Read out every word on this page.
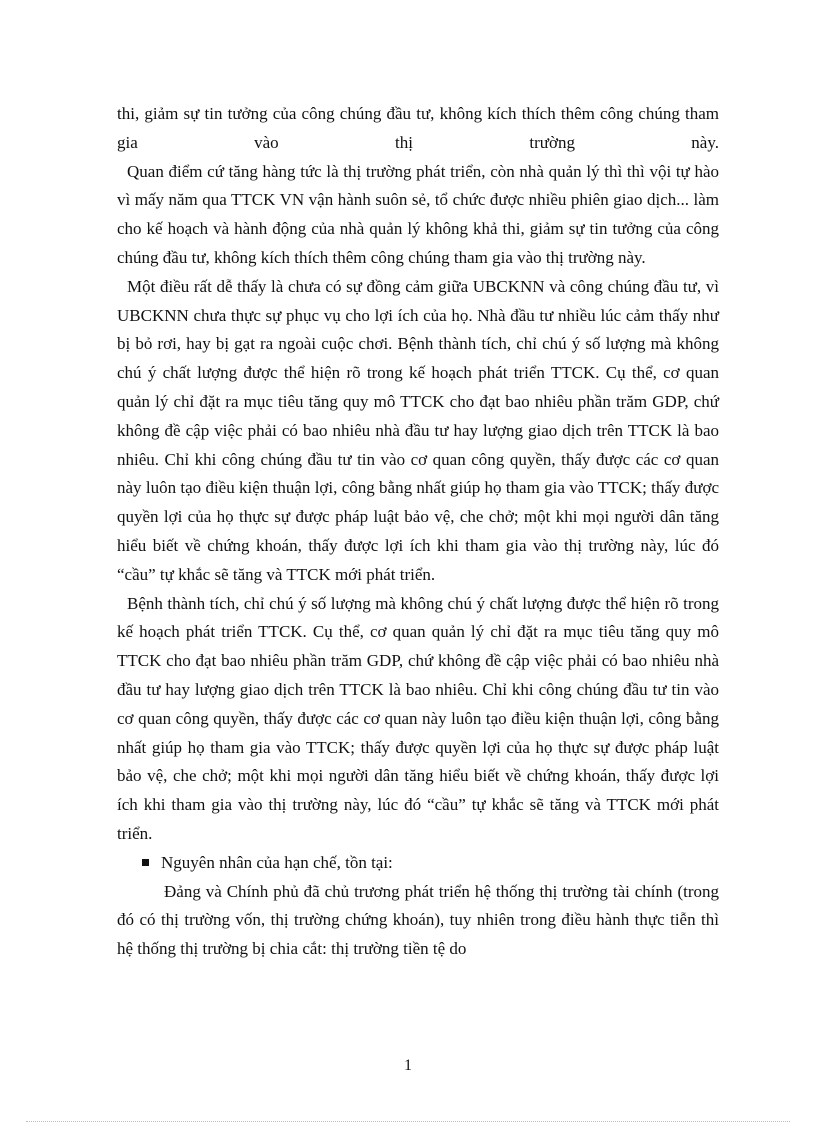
thi, giảm sự tin tưởng của công chúng đầu tư, không kích thích thêm công chúng tham gia vào thị trường này.

Quan điểm cứ tăng hàng tức là thị trường phát triển, còn nhà quản lý thì thì vội tự hào vì mấy năm qua TTCK VN vận hành suôn sẻ, tổ chức được nhiều phiên giao dịch... làm cho kế hoạch và hành động của nhà quản lý không khả thi, giảm sự tin tưởng của công chúng đầu tư, không kích thích thêm công chúng tham gia vào thị trường này.

Một điều rất dễ thấy là chưa có sự đồng cảm giữa UBCKNN và công chúng đầu tư, vì UBCKNN chưa thực sự phục vụ cho lợi ích của họ. Nhà đầu tư nhiều lúc cảm thấy như bị bỏ rơi, hay bị gạt ra ngoài cuộc chơi. Bệnh thành tích, chỉ chú ý số lượng mà không chú ý chất lượng được thể hiện rõ trong kế hoạch phát triển TTCK. Cụ thể, cơ quan quản lý chỉ đặt ra mục tiêu tăng quy mô TTCK cho đạt bao nhiêu phần trăm GDP, chứ không đề cập việc phải có bao nhiêu nhà đầu tư hay lượng giao dịch trên TTCK là bao nhiêu. Chỉ khi công chúng đầu tư tin vào cơ quan công quyền, thấy được các cơ quan này luôn tạo điều kiện thuận lợi, công bằng nhất giúp họ tham gia vào TTCK; thấy được quyền lợi của họ thực sự được pháp luật bảo vệ, che chở; một khi mọi người dân tăng hiểu biết về chứng khoán, thấy được lợi ích khi tham gia vào thị trường này, lúc đó “cầu” tự khắc sẽ tăng và TTCK mới phát triển.

Bệnh thành tích, chỉ chú ý số lượng mà không chú ý chất lượng được thể hiện rõ trong kế hoạch phát triển TTCK. Cụ thể, cơ quan quản lý chỉ đặt ra mục tiêu tăng quy mô TTCK cho đạt bao nhiêu phần trăm GDP, chứ không đề cập việc phải có bao nhiêu nhà đầu tư hay lượng giao dịch trên TTCK là bao nhiêu. Chỉ khi công chúng đầu tư tin vào cơ quan công quyền, thấy được các cơ quan này luôn tạo điều kiện thuận lợi, công bằng nhất giúp họ tham gia vào TTCK; thấy được quyền lợi của họ thực sự được pháp luật bảo vệ, che chở; một khi mọi người dân tăng hiểu biết về chứng khoán, thấy được lợi ích khi tham gia vào thị trường này, lúc đó “cầu” tự khắc sẽ tăng và TTCK mới phát triển.

Nguyên nhân của hạn chế, tồn tại:

Đảng và Chính phủ đã chủ trương phát triển hệ thống thị trường tài chính (trong đó có thị trường vốn, thị trường chứng khoán), tuy nhiên trong điều hành thực tiễn thì hệ thống thị trường bị chia cắt: thị trường tiền tệ do

1
